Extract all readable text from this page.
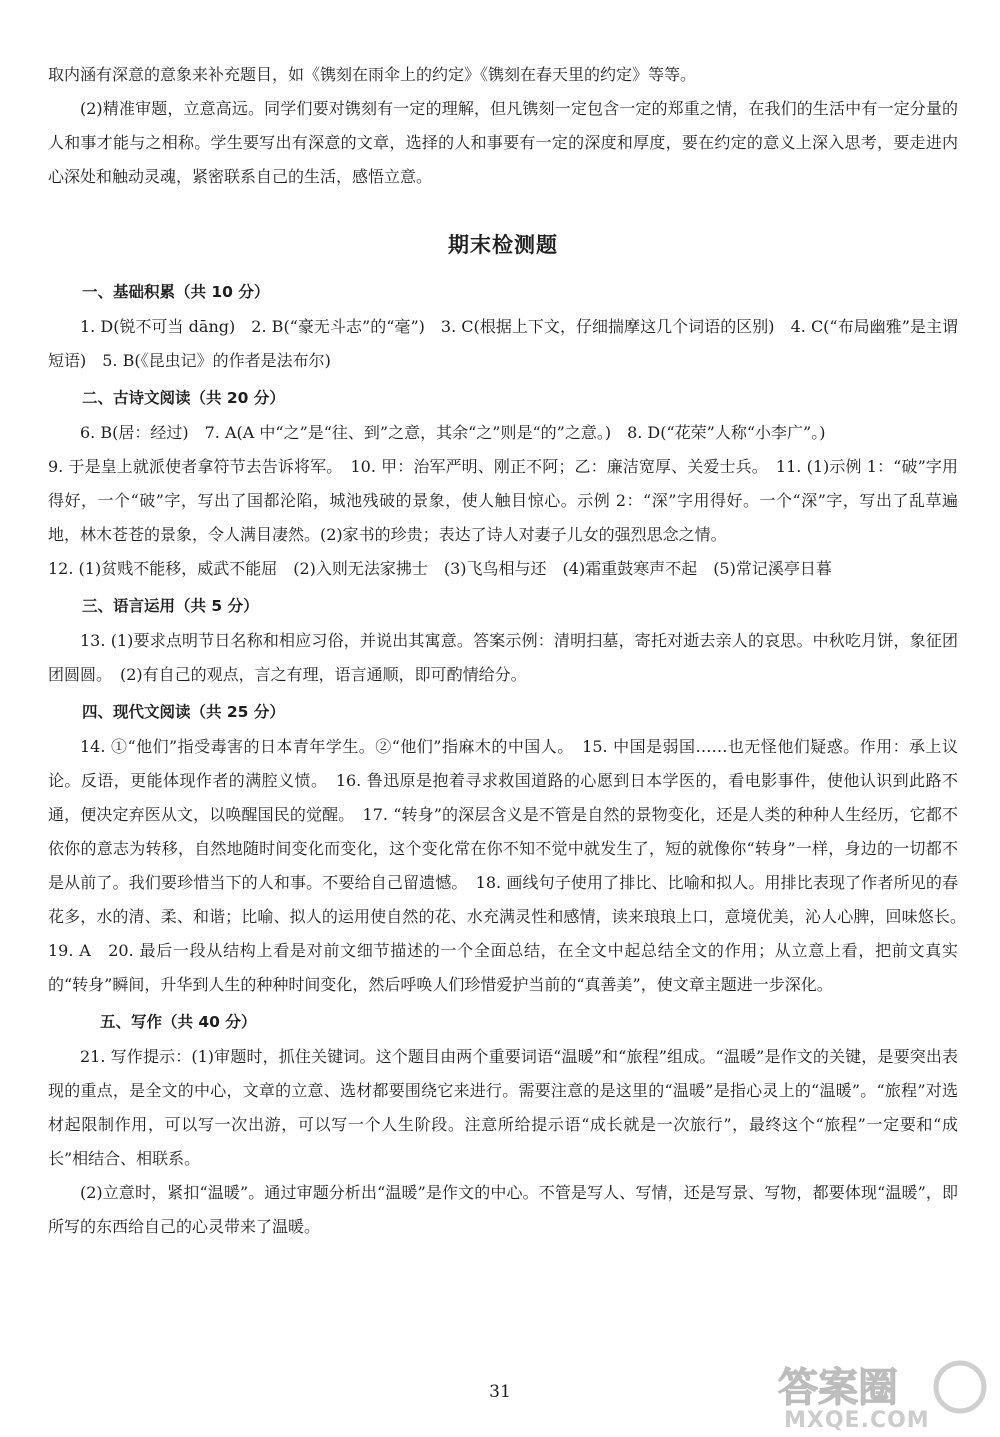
取内涵有深意的意象来补充题目，如《镌刻在雨伞上的约定》《镌刻在春天里的约定》等等。

(2)精准审题，立意高远。同学们要对镌刻有一定的理解，但凡镌刻一定包含一定的郑重之情，在我们的生活中有一定分量的人和事才能与之相称。学生要写出有深意的文章，选择的人和事要有一定的深度和厚度，要在约定的意义上深入思考，要走进内心深处和触动灵魂，紧密联系自己的生活，感悟立意。

期末检测题
一、基础积累（共 10 分）

1. D(锐不可当 dāng)　2. B(“豪无斗志”的“毫”)　3. C(根据上下文，仔细揣摩这几个词语的区别)　4. C(“布局幽雅”是主谓短语)　5. B(《昆虫记》的作者是法布尔)

二、古诗文阅读（共 20 分）

6. B(居：经过)　7. A(A 中“之”是“往、到”之意，其余“之”则是“的”之意。)　8. D(“花荣”人称“小李广”。)

9. 于是皇上就派使者拿符节去告诉将军。　10. 甲：治军严明、刚正不阿；乙：廉洁宽厚、关爱士兵。　11. (1)示例 1：“破”字用得好，一个“破”字，写出了国都沦陷，城池残破的景象，使人触目惊心。示例 2：“深”字用得好。一个“深”字，写出了乱草遍地，林木苍苍的景象，令人满目凄然。(2)家书的珍贵；表达了诗人对妻子儿女的强烈思念之情。

12. (1)贫贱不能移，威武不能屈　(2)入则无法家拂士　(3)飞鸟相与还　(4)霜重鼓寒声不起　(5)常记溪亭日暮

三、语言运用（共 5 分）

13. (1)要求点明节日名称和相应习俗，并说出其寓意。答案示例：清明扫墓，寄托对逝去亲人的哀思。中秋吃月饼，象征团团圆圆。　(2)有自己的观点，言之有理，语言通顺，即可酌情给分。

四、现代文阅读（共 25 分）

14. ①“他们”指受毒害的日本青年学生。②“他们”指麻木的中国人。　15. 中国是弱国……也无怪他们疑惑。作用：承上议论。反语，更能体现作者的满腔义愤。　16. 鲁迅原是抱着寻求救国道路的心愿到日本学医的，看电影事件，使他认识到此路不通，便决定弃医从文，以唤醒国民的觉醒。　17. “转身”的深层含义是不管是自然的景物变化，还是人类的种种人生经历，它都不依你的意志为转移，自然地随时间变化而变化，这个变化常在你不知不觉中就发生了，短的就像你“转身”一样，身边的一切都不是从前了。我们要珍惜当下的人和事。不要给自己留遗憾。　18. 画线句子使用了排比、比喻和拟人。用排比表现了作者所见的春花多，水的清、柔、和谐；比喻、拟人的运用使自然的花、水充满灵性和感情，读来琅琅上口，意境优美，沁人心脾，回味悠长。　19. A　20. 最后一段从结构上看是对前文细节描述的一个全面总结，在全文中起总结全文的作用；从立意上看，把前文真实的“转身”瞬间，升华到人生的种种时间变化，然后呼唤人们珍惜爱护当前的“真善美”，使文章主题进一步深化。

五、写作（共 40 分）

21. 写作提示：(1)审题时，抓住关键词。这个题目由两个重要词语“温暖”和“旅程”组成。“温暖”是作文的关键，是要突出表现的重点，是全文的中心，文章的立意、选材都要围绕它来进行。需要注意的是这里的“温暖”是指心灵上的“温暖”。“旅程”对选材起限制作用，可以写一次出游，可以写一个人生阶段。注意所给提示语“成长就是一次旅行”，最终这个“旅程”一定要和“成长”相结合、相联系。

(2)立意时，紧扣“温暖”。通过审题分析出“温暖”是作文的中心。不管是写人、写情，还是写景、写物，都要体现“温暖”，即所写的东西给自己的心灵带来了温暖。

31	答案圈
MXQE.COM
